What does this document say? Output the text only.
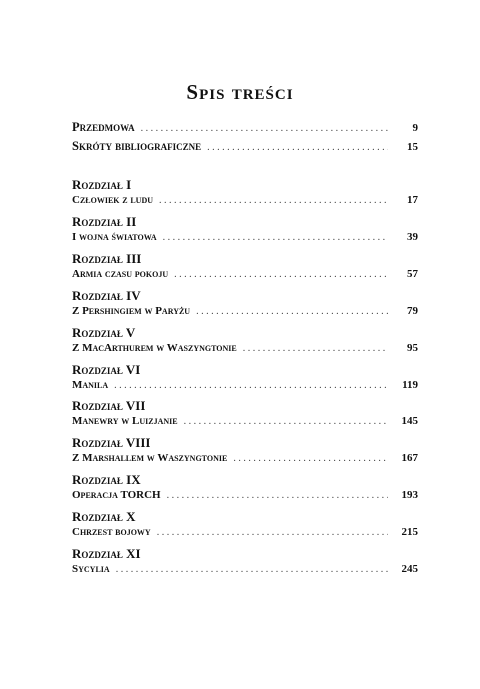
Spis treści
Przedmowa . . .	9
Skróty bibliograficzne . . .	15
Rozdział I
Człowiek z ludu . . .	17
Rozdział II
I wojna światowa . . .	39
Rozdział III
Armia czasu pokoju . . .	57
Rozdział IV
Z Pershingiem w Paryżu . . .	79
Rozdział V
Z MacArthurem w Waszyngtonie . . .	95
Rozdział VI
Manila . . .	119
Rozdział VII
Manewry w Luizjanie . . .	145
Rozdział VIII
Z Marshallem w Waszyngtonie . . .	167
Rozdział IX
Operacja TORCH . . .	193
Rozdział X
Chrzest bojowy . . .	215
Rozdział XI
Sycylia . . .	245
